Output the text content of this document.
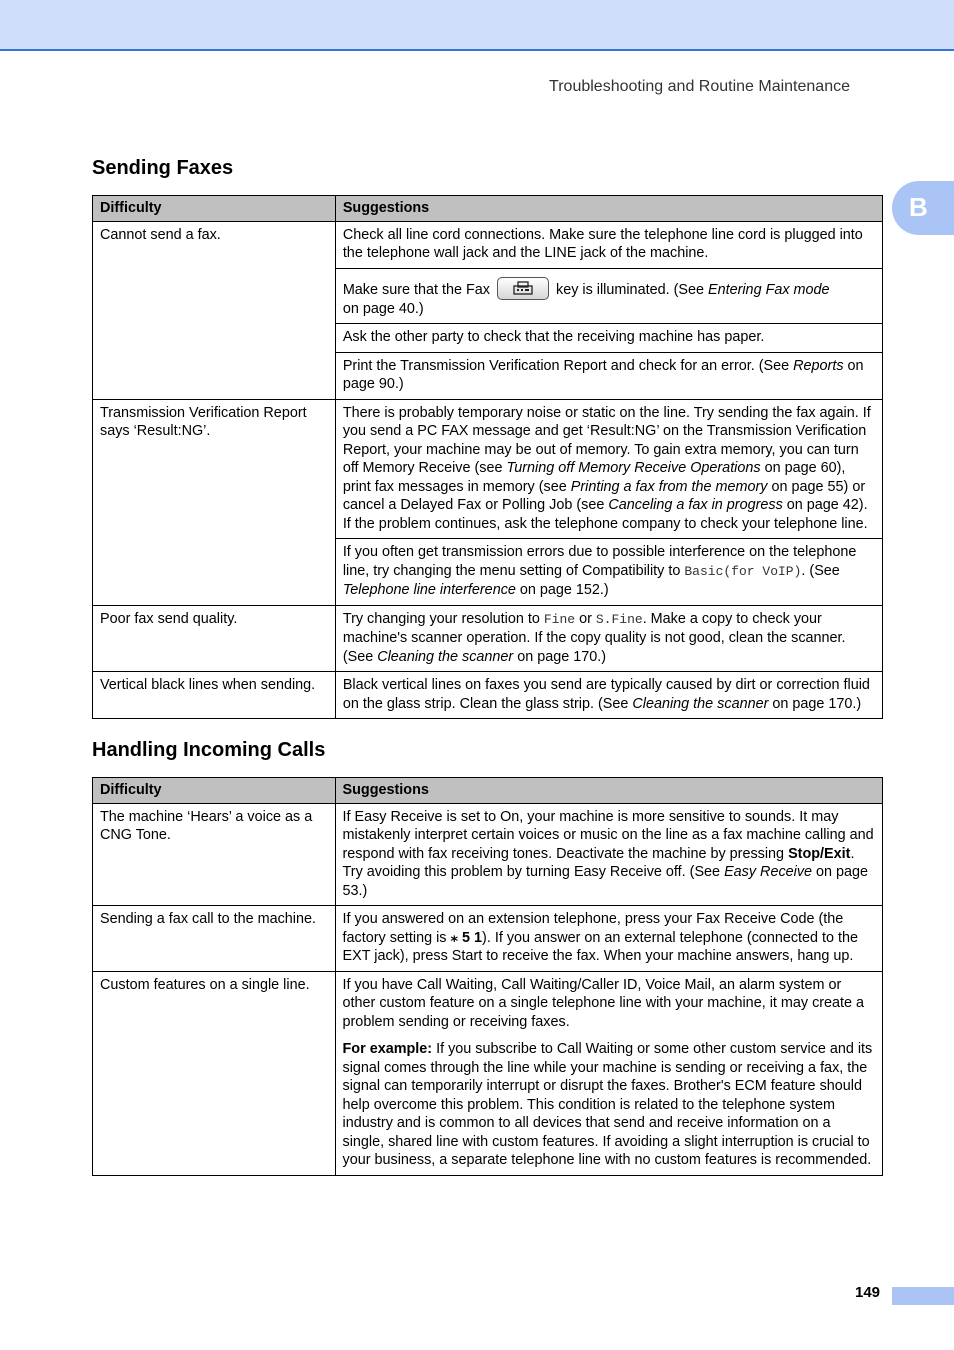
Troubleshooting and Routine Maintenance
B
Sending Faxes
Difficulty	Suggestions
Cannot send a fax.	Check all line cord connections. Make sure the telephone line cord is plugged into the telephone wall jack and the LINE jack of the machine.
	Make sure that the Fax key is illuminated. (See Entering Fax mode
on page 40.)
	Ask the other party to check that the receiving machine has paper.
	Print the Transmission Verification Report and check for an error. (See Reports on page 90.)
Transmission Verification Report says ‘Result:NG’.	There is probably temporary noise or static on the line. Try sending the fax again. If you send a PC FAX message and get ‘Result:NG’ on the Transmission Verification Report, your machine may be out of memory. To gain extra memory, you can turn off Memory Receive (see Turning off Memory Receive Operations on page 60), print fax messages in memory (see Printing a fax from the memory on page 55) or cancel a Delayed Fax or Polling Job (see Canceling a fax in progress on page 42). If the problem continues, ask the telephone company to check your telephone line.
	If you often get transmission errors due to possible interference on the telephone line, try changing the menu setting of Compatibility to Basic(for VoIP). (See Telephone line interference on page 152.)
Poor fax send quality.	Try changing your resolution to Fine or S.Fine. Make a copy to check your machine's scanner operation. If the copy quality is not good, clean the scanner. (See Cleaning the scanner on page 170.)
Vertical black lines when sending.	Black vertical lines on faxes you send are typically caused by dirt or correction fluid on the glass strip. Clean the glass strip. (See Cleaning the scanner on page 170.)
Handling Incoming Calls
Difficulty	Suggestions
The machine ‘Hears’ a voice as a CNG Tone.	If Easy Receive is set to On, your machine is more sensitive to sounds. It may mistakenly interpret certain voices or music on the line as a fax machine calling and respond with fax receiving tones. Deactivate the machine by pressing Stop/Exit. Try avoiding this problem by turning Easy Receive off. (See Easy Receive on page 53.)
Sending a fax call to the machine.	If you answered on an extension telephone, press your Fax Receive Code (the factory setting is ⁎ 5 1). If you answer on an external telephone (connected to the EXT jack), press Start to receive the fax. When your machine answers, hang up.
Custom features on a single line.	If you have Call Waiting, Call Waiting/Caller ID, Voice Mail, an alarm system or other custom feature on a single telephone line with your machine, it may create a problem sending or receiving faxes.
For example: If you subscribe to Call Waiting or some other custom service and its signal comes through the line while your machine is sending or receiving a fax, the signal can temporarily interrupt or disrupt the faxes. Brother's ECM feature should help overcome this problem. This condition is related to the telephone system industry and is common to all devices that send and receive information on a single, shared line with custom features. If avoiding a slight interruption is crucial to your business, a separate telephone line with no custom features is recommended.
149
